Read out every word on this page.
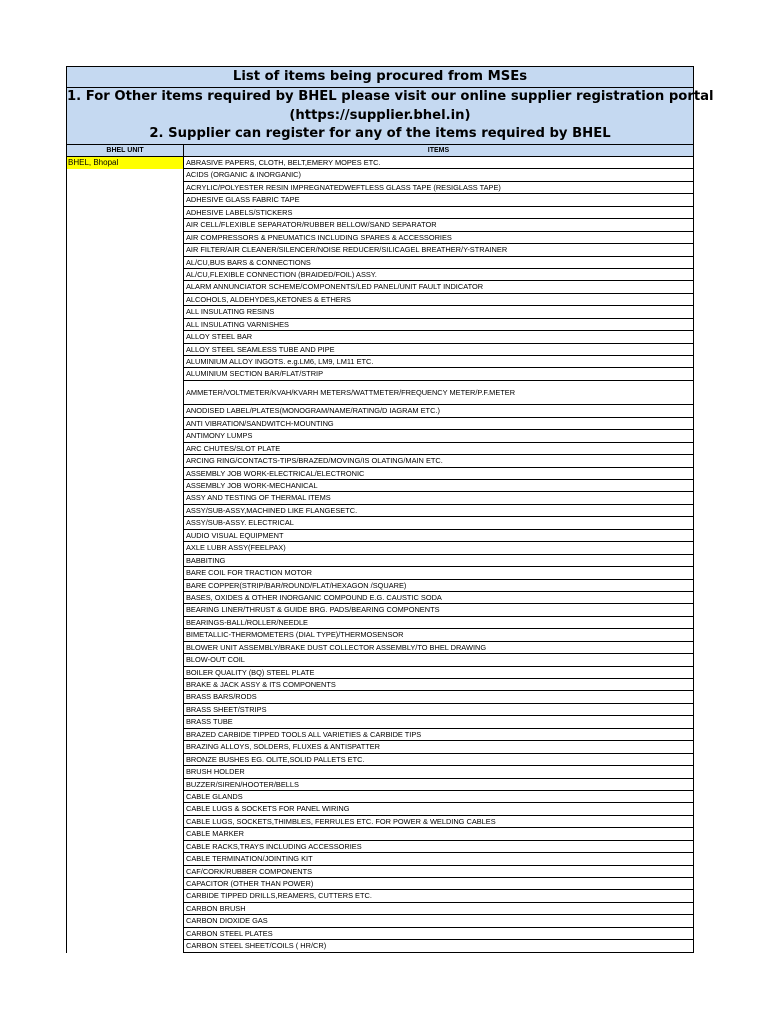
List of items being procured from MSEs
1. For Other items required by BHEL please visit our online supplier registration portal
(https://supplier.bhel.in)
2. Supplier can register for any of the items required by BHEL
BHEL UNIT	ITEMS
BHEL, Bhopal	ABRASIVE PAPERS, CLOTH, BELT,EMERY MOPES ETC.
ACIDS (ORGANIC & INORGANIC)
ACRYLIC/POLYESTER RESIN IMPREGNATEDWEFTLESS GLASS TAPE (RESIGLASS TAPE)
ADHESIVE GLASS FABRIC TAPE
ADHESIVE LABELS/STICKERS
AIR CELL/FLEXIBLE SEPARATOR/RUBBER BELLOW/SAND SEPARATOR
AIR COMPRESSORS & PNEUMATICS INCLUDING SPARES & ACCESSORIES
AIR FILTER/AIR CLEANER/SILENCER/NOISE REDUCER/SILICAGEL BREATHER/Y-STRAINER
AL/CU,BUS BARS & CONNECTIONS
AL/CU,FLEXIBLE CONNECTION (BRAIDED/FOIL) ASSY.
ALARM ANNUNCIATOR SCHEME/COMPONENTS/LED PANEL/UNIT FAULT INDICATOR
ALCOHOLS, ALDEHYDES,KETONES & ETHERS
ALL INSULATING RESINS
ALL INSULATING VARNISHES
ALLOY STEEL BAR
ALLOY STEEL SEAMLESS TUBE AND PIPE
ALUMINIUM ALLOY INGOTS. e.g.LM6, LM9, LM11 ETC.
ALUMINIUM SECTION BAR/FLAT/STRIP
AMMETER/VOLTMETER/KVAH/KVARH METERS/WATTMETER/FREQUENCY METER/P.F.METER
ANODISED LABEL/PLATES(MONOGRAM/NAME/RATING/D IAGRAM ETC.)
ANTI VIBRATION/SANDWITCH-MOUNTING
ANTIMONY LUMPS
ARC CHUTES/SLOT PLATE
ARCING RING/CONTACTS-TIPS/BRAZED/MOVING/IS OLATING/MAIN ETC.
ASSEMBLY JOB WORK-ELECTRICAL/ELECTRONIC
ASSEMBLY JOB WORK-MECHANICAL
ASSY AND TESTING OF THERMAL ITEMS
ASSY/SUB-ASSY,MACHINED LIKE FLANGESETC.
ASSY/SUB-ASSY. ELECTRICAL
AUDIO VISUAL EQUIPMENT
AXLE LUBR ASSY(FEELPAX)
BABBITING
BARE COIL FOR TRACTION MOTOR
BARE COPPER(STRIP/BAR/ROUND/FLAT/HEXAGON /SQUARE)
BASES, OXIDES & OTHER INORGANIC COMPOUND E.G. CAUSTIC SODA
BEARING LINER/THRUST & GUIDE BRG. PADS/BEARING COMPONENTS
BEARINGS-BALL/ROLLER/NEEDLE
BIMETALLIC-THERMOMETERS (DIAL TYPE)/THERMOSENSOR
BLOWER UNIT ASSEMBLY/BRAKE DUST COLLECTOR ASSEMBLY/TO BHEL DRAWING
BLOW-OUT COIL
BOILER QUALITY (BQ) STEEL PLATE
BRAKE & JACK ASSY & ITS COMPONENTS
BRASS BARS/RODS
BRASS SHEET/STRIPS
BRASS TUBE
BRAZED CARBIDE TIPPED TOOLS ALL VARIETIES & CARBIDE TIPS
BRAZING ALLOYS, SOLDERS, FLUXES & ANTISPATTER
BRONZE BUSHES EG. OLITE,SOLID PALLETS ETC.
BRUSH HOLDER
BUZZER/SIREN/HOOTER/BELLS
CABLE GLANDS
CABLE LUGS & SOCKETS FOR PANEL WIRING
CABLE LUGS, SOCKETS,THIMBLES, FERRULES ETC. FOR POWER & WELDING CABLES
CABLE MARKER
CABLE RACKS,TRAYS INCLUDING ACCESSORIES
CABLE TERMINATION/JOINTING KIT
CAF/CORK/RUBBER COMPONENTS
CAPACITOR (OTHER THAN POWER)
CARBIDE TIPPED DRILLS,REAMERS, CUTTERS ETC.
CARBON BRUSH
CARBON DIOXIDE GAS
CARBON STEEL PLATES
CARBON STEEL SHEET/COILS ( HR/CR)
